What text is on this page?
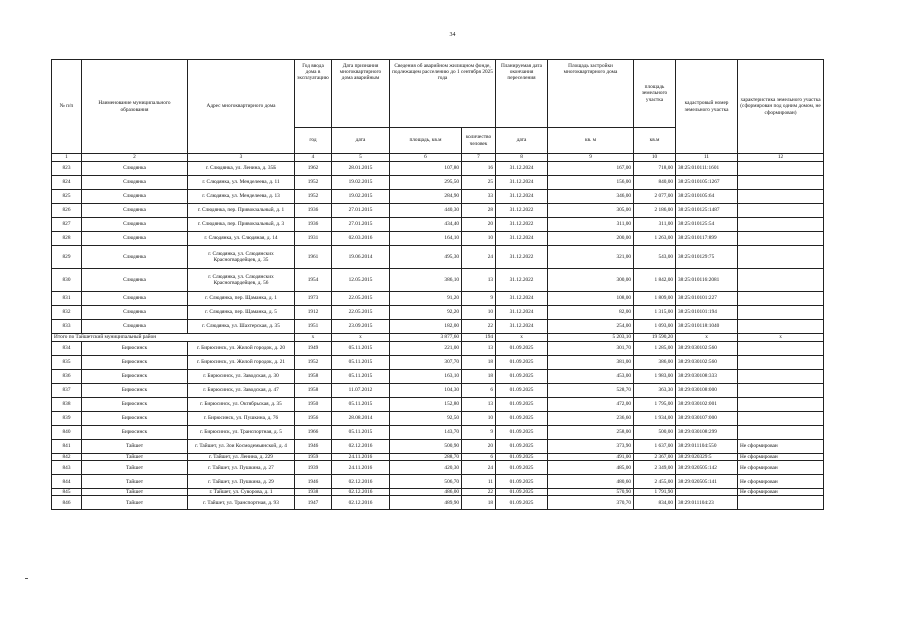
34
№ п/п	Наименование муниципального образования	Адрес многоквартирного дома	Год ввода дома в эксплуатацию	Дата признания многоквартирного дома аварийным	Сведения об аварийном жилищном фонде, подлежащем расселению до 1 сентября 2025 года		Планируемая дата окончания переселения	Площадь застройки многоквартирного дома	площадь земельного участка	кадастровый номер земельного участка	характеристика земельного участка (сформирован под одним домом, не сформирован)
			год	дата	площадь, кв.м	количество человек	дата	кв. м	кв.м		
1	2	3	4	5	6	7	8	9	10	11	12
823	Слюдянка	г. Слюдянка, ул. Ленина, д. 35Б	1962	28.01.2015	107,80	16	31.12.2024	167,00	718,00	38:25:010111:1601	
824	Слюдянка	г. Слюдянка, ул. Менделеева, д. 11	1952	19.02.2015	295,50	25	31.12.2024	156,00	840,00	38:25:010105:1267	
825	Слюдянка	г. Слюдянка, ул. Менделеева, д. 13	1952	19.02.2015	284,90	33	31.12.2024	346,00	2 077,00	38:25:010105:64	
826	Слюдянка	г. Слюдянка, пер. Привокзальный, д. 1	1936	27.01.2015	440,30	28	31.12.2022	305,00	2 186,00	38:25:010125:1487	
827	Слюдянка	г. Слюдянка, пер. Привокзальный, д. 3	1936	27.01.2015	434,40	20	31.12.2022	311,00	311,00	38:25:010125:54	
828	Слюдянка	г. Слюдянка, ул. Слюдяная, д. 14	1931	02.03.2016	164,10	10	31.12.2024	200,00	1 263,00	38:25:010117:899	
829	Слюдянка	г. Слюдянка, ул. Слюдянских Красногвардейцев, д. 35	1961	19.06.2014	495,30	24	31.12.2022	321,00	543,00	38:25:010129:75	
830	Слюдянка	г. Слюдянка, ул. Слюдянских Красногвардейцев, д. 56	1954	12.05.2015	386,10	13	31.12.2022	300,00	1 842,00	38:25:010116:2081	
831	Слюдянка	г. Слюдянка, пер. Щаманка, д. 1	1973	22.05.2015	91,20	9	31.12.2024	108,00	1 809,00	38:25:010101:227	
832	Слюдянка	г. Слюдянка, пер. Щаманка, д. 5	1912	22.05.2015	92,20	10	31.12.2024	82,00	1 315,00	38:25:010101:194	
833	Слюдянка	г. Слюдянка, ул. Шахтерская, д. 35	1951	23.09.2015	182,00	22	31.12.2024	254,00	1 093,00	38:25:010118:1040	
Итого по Тайшетский муниципальный район			x	x	3 877,60	194	x	5 203,10	19 590,20	x	x
834	Бирюсинск	г. Бирюсинск, ул. Жилой городок, д. 20	1949	05.11.2015	221,00	13	01.09.2025	301,70	1 285,00	38:29:030102:560	
835	Бирюсинск	г. Бирюсинск, ул. Жилой городок, д. 21	1952	05.11.2015	307,70	18	01.09.2025	381,00	386,00	38:29:030102:560	
836	Бирюсинск	г. Бирюсинск, ул. Заводская, д. 30	1958	05.11.2015	163,10	18	01.09.2025	453,00	1 983,00	38:29:030108:333	
837	Бирюсинск	г. Бирюсинск, ул. Заводская, д. 47	1958	11.07.2012	104,30	6	01.09.2025	528,70	363,30	38:29:030108:000	
838	Бирюсинск	г. Бирюсинск, ул. Октябрьская, д. 35	1950	05.11.2015	152,80	13	01.09.2025	472,00	1 795,00	38:29:030102:001	
839	Бирюсинск	г. Бирюсинск, ул. Пушкина, д. 76	1956	28.08.2014	92,50	10	01.09.2025	236,60	1 934,00	38:29:030107:000	
840	Бирюсинск	г. Бирюсинск, ул. Транспортная, д. 5	1966	05.11.2015	143,70	9	01.09.2025	258,00	500,00	38:29:030108:299	
841	Тайшет	г. Тайшет, ул. Зои Космодемьянской, д. 4	1946	02.12.2016	500,90	20	01.09.2025	373,90	1 637,00	38:29:011104:550	Не сформирован
842	Тайшет	г. Тайшет, ул. Ленина, д. 229	1959	24.11.2016	288,70	6	01.09.2025	491,00	2 367,00	38:29:020329:5	Не сформирован
843	Тайшет	г. Тайшет, ул. Пушкина, д. 27	1939	24.11.2016	420,30	24	01.09.2025	485,00	2 349,00	38:29:020505:142	Не сформирован
844	Тайшет	г. Тайшет, ул. Пушкина, д. 29	1946	02.12.2016	506,70	11	01.09.2025	480,60	2 455,00	38:29:020505:141	Не сформирован
845	Тайшет	г. Тайшет, ул. Суворова, д. 1	1938	02.12.2016	486,00	22	01.09.2025	570,90	1 791,90		Не сформирован
846	Тайшет	г. Тайшет, ул. Транспортная, д. 93	1947	02.12.2016	489,90	18	01.09.2025	370,70	834,00	38:29:011104:23	
